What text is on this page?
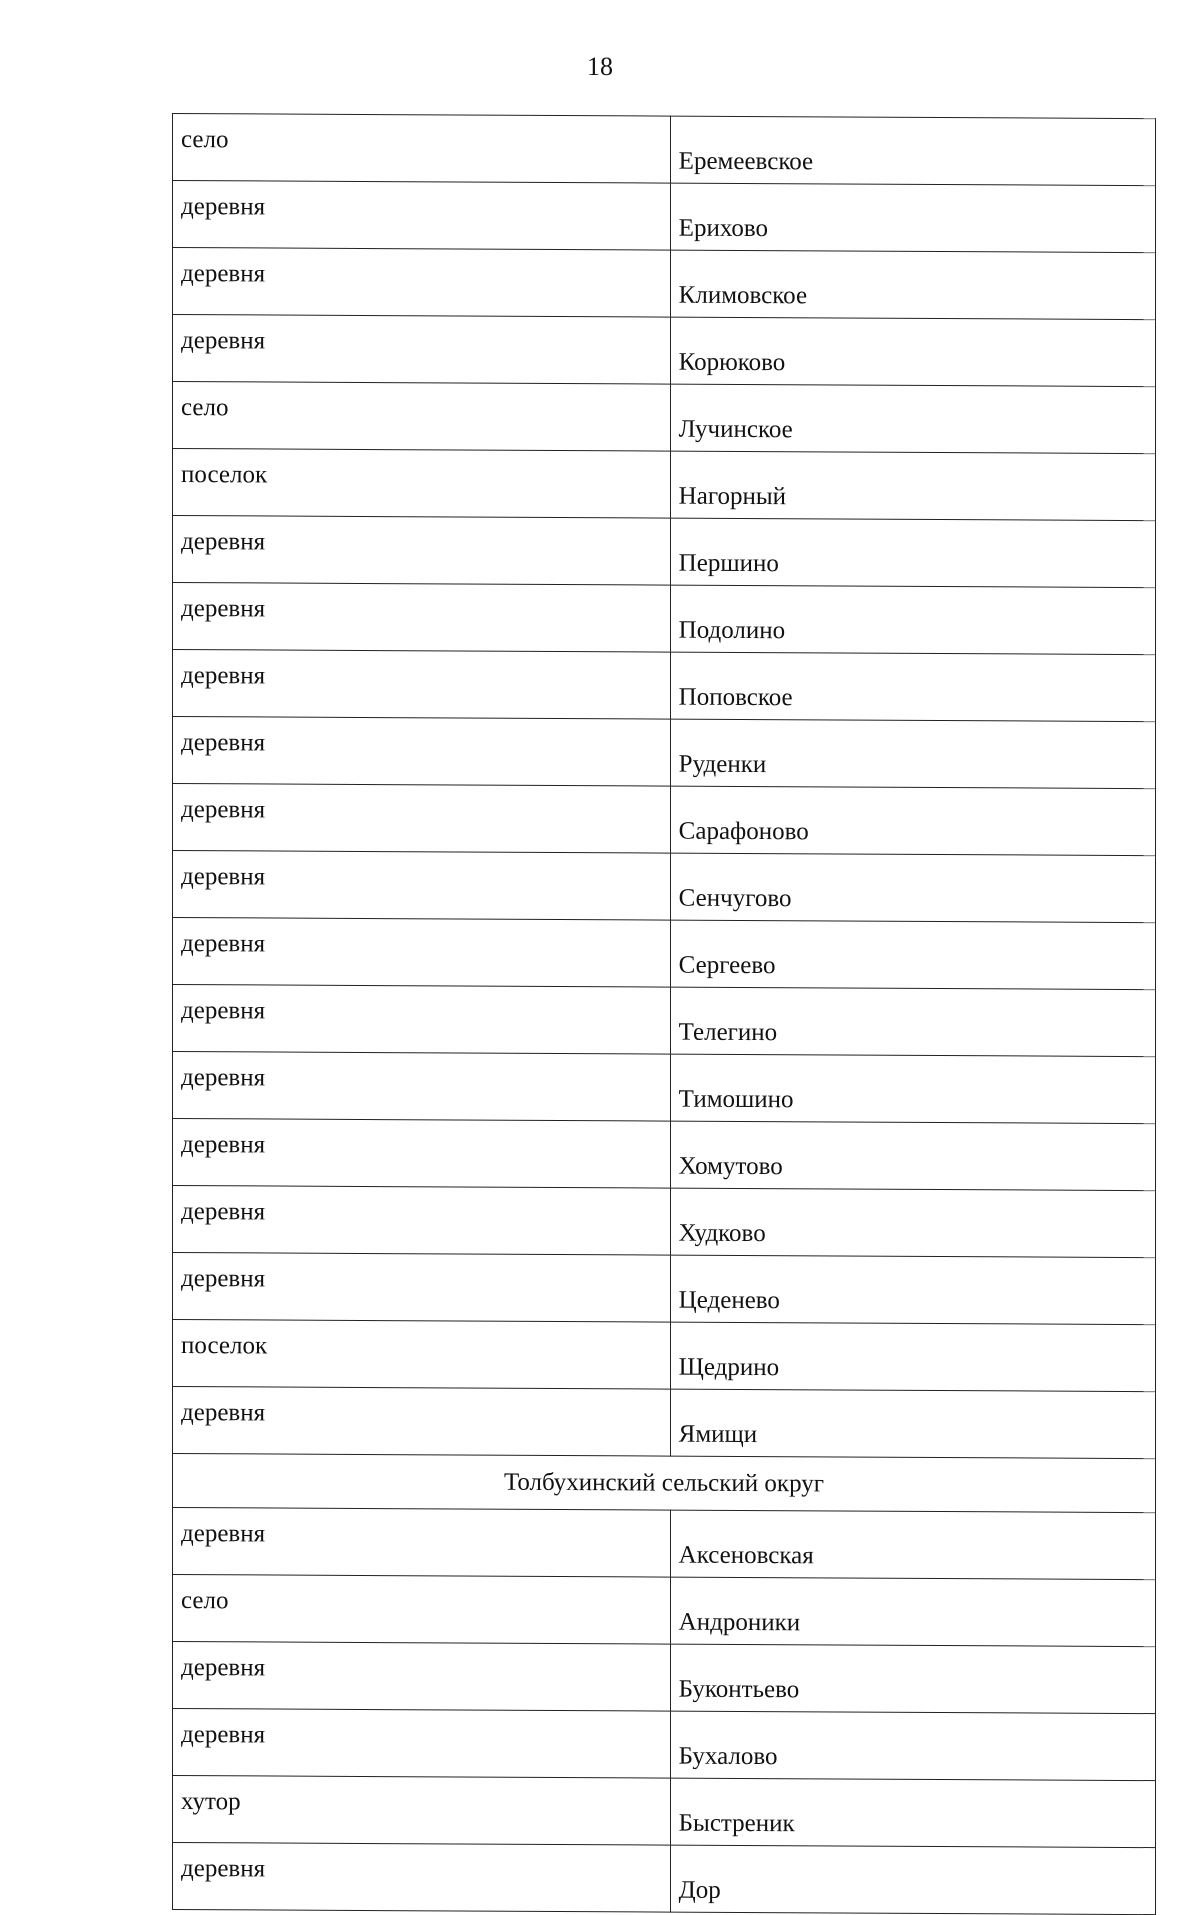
18
село	Еремеевское
деревня	Ерихово
деревня	Климовское
деревня	Корюково
село	Лучинское
поселок	Нагорный
деревня	Першино
деревня	Подолино
деревня	Поповское
деревня	Руденки
деревня	Сарафоново
деревня	Сенчугово
деревня	Сергеево
деревня	Телегино
деревня	Тимошино
деревня	Хомутово
деревня	Худково
деревня	Цеденево
поселок	Щедрино
деревня	Ямищи
Толбухинский сельский округ	
деревня	Аксеновская
село	Андроники
деревня	Буконтьево
деревня	Бухалово
хутор	Быстреник
деревня	Дор
